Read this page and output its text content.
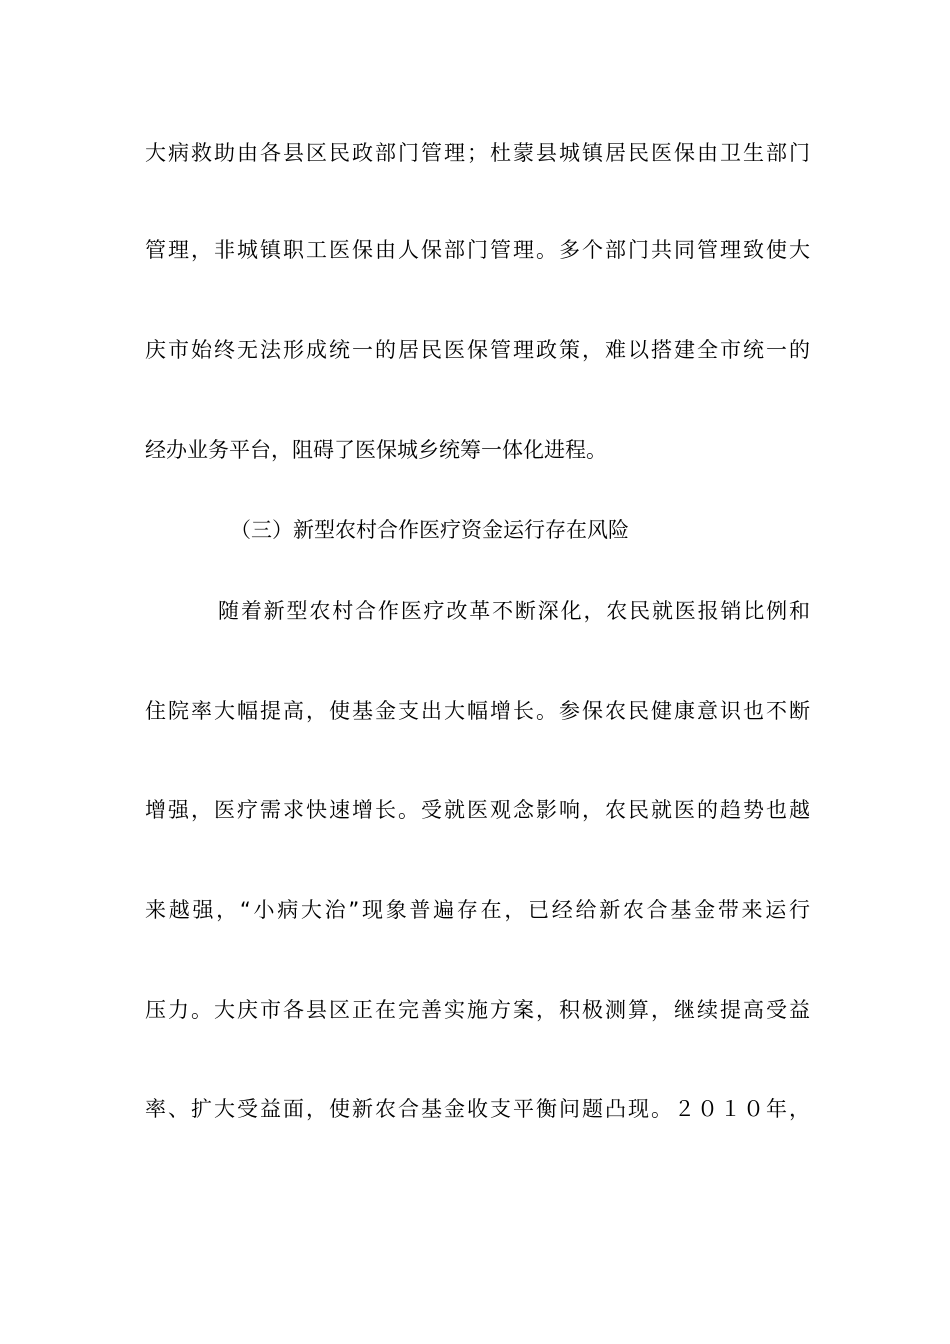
大病救助由各县区民政部门管理；杜蒙县城镇居民医保由卫生部门
管理，非城镇职工医保由人保部门管理。多个部门共同管理致使大
庆市始终无法形成统一的居民医保管理政策，难以搭建全市统一的
经办业务平台，阻碍了医保城乡统筹一体化进程。
（三）新型农村合作医疗资金运行存在风险
随着新型农村合作医疗改革不断深化，农民就医报销比例和
住院率大幅提高，使基金支出大幅增长。参保农民健康意识也不断
增强，医疗需求快速增长。受就医观念影响，农民就医的趋势也越
来越强，“小病大治”现象普遍存在，已经给新农合基金带来运行
压力。大庆市各县区正在完善实施方案，积极测算，继续提高受益
率、扩大受益面，使新农合基金收支平衡问题凸现。２０１０年，
